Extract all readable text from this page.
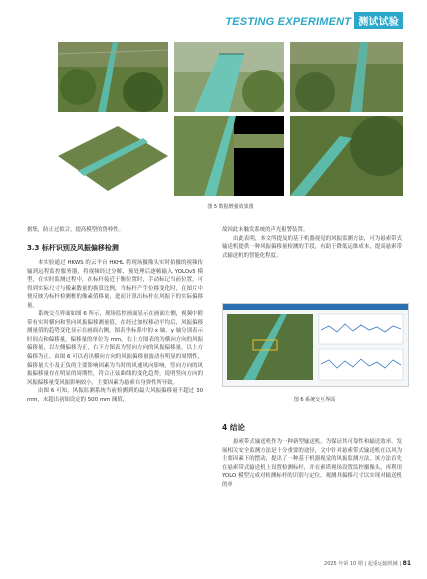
TESTING EXPERIMENT 测试试验
图 5 数据增强效果图

据集，防止过拟合，提高模型的鲁棒性。

3.3 标杆识别及风振偏移检测

本实验通过 HKWS 的云平台 HKHL 将现场摄像头实时拍摄的视频传输到远程监控服务器，将视频经过分解、预处理后逐帧输入 YOLOv5 模型，在实时监测过程中，在标杆接近于衡位置时，手动标记当前位置，可得到实际尺寸与像素数量的换算比例，当标杆产生位移变化时，在图片中便反映为标杆检测框的像素值移量，进而计算出标杆在风振下的实际偏移量。

系统交互界面如图 6 所示，现场监控画面显示在画面左侧，视频中附带有实时横向和竖向风振偏移测量值，在经过加权移动平均后，风振偏移测量值的趋势变化显示在画面右侧。图表坐标系中的 x 轴、y 轴分别表示时间点和偏移量，偏移量的单位为 mm。右上方图表的为横向方向的风振偏移量，以左侧偏移为正，右下方图表为竖向方向的风振偏移量，以上方偏移为正。由图 6 可以看出横向方向的风振偏移量波动有明显的周期性，偏移量大小及正负的主要影响因素为当时的风速风向影响，竖向方向的风振偏移量存在明显的周期性，符合正弦曲线的变化趋势，说明竖向方向的风振偏移量受风振影响较小，主要因素为悬索自身弹性所导致。

由图 6 可知，风振监测系统当前检测到的最大风振偏移量不超过 30 mm，未超出初始设定的 500 mm 阈值，

故因此未触发系统的声光报警装置。

由此表明，本文所提及的基于机器视觉的风振监测方法，可为悬索带式输送机提供一种风振偏移量检测的手段，有助于降低运维成本，提高悬索带式输送机的智能化程度。

图 6 系统交互界面
4 结论

悬索带式输送机作为一种新型输送机，为保证其可靠性和输送效率，发展相关安全监测方法是十分重要的途径，文中针对悬索带式输送机在以风为主要因素下的摆动，提出了一种基于机器视觉的风振监测方法，该方法首先在悬索带式输送机上设置检测标杆，并在索塔现场设置监控摄像头，再利用 YOLO 模型完成对检测标杆的识别与定位，观测其偏移尺寸以实现对输送机的单

2025 年第 10 期 | 起重运输机械 | 81
